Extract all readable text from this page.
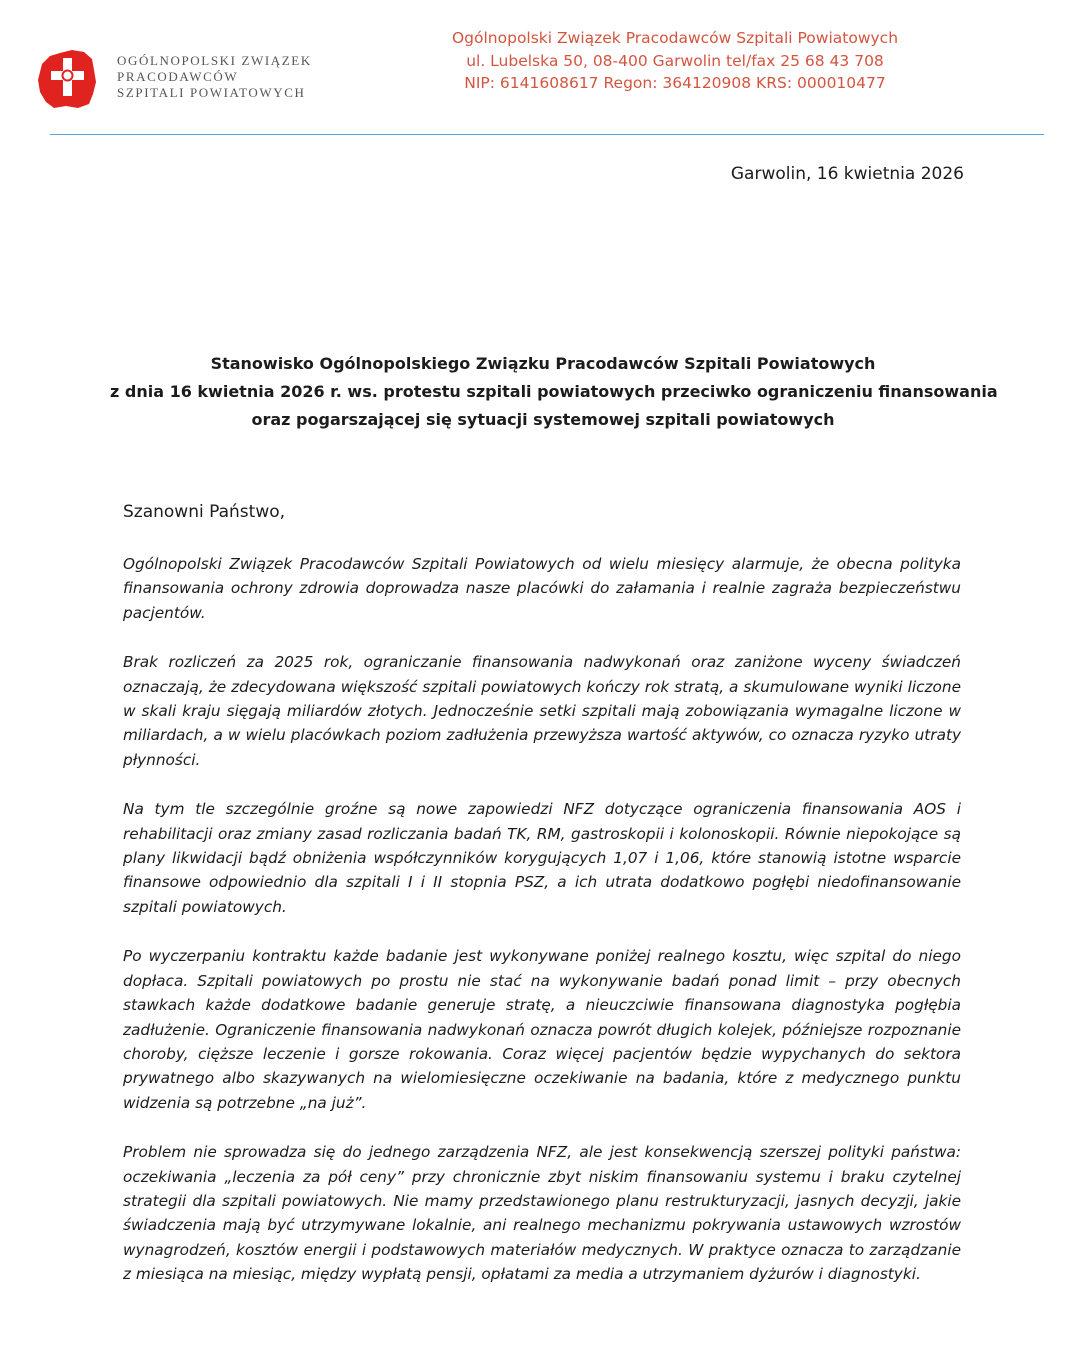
OGÓLNOPOLSKI ZWIĄZEK
PRACODAWCÓW
SZPITALI POWIATOWYCH
Ogólnopolski Związek Pracodawców Szpitali Powiatowych
ul. Lubelska 50, 08-400 Garwolin tel/fax 25 68 43 708
NIP: 6141608617 Regon: 364120908 KRS: 000010477
Garwolin, 16 kwietnia 2026
Stanowisko Ogólnopolskiego Związku Pracodawców Szpitali Powiatowych
z dnia 16 kwietnia 2026 r. ws. protestu szpitali powiatowych przeciwko ograniczeniu finansowania
oraz pogarszającej się sytuacji systemowej szpitali powiatowych
Szanowni Państwo,

Ogólnopolski Związek Pracodawców Szpitali Powiatowych od wielu miesięcy alarmuje, że obecna polityka finansowania ochrony zdrowia doprowadza nasze placówki do załamania i realnie zagraża bezpieczeństwu pacjentów.

Brak rozliczeń za 2025 rok, ograniczanie finansowania nadwykonań oraz zaniżone wyceny świadczeń oznaczają, że zdecydowana większość szpitali powiatowych kończy rok stratą, a skumulowane wyniki liczone w skali kraju sięgają miliardów złotych. Jednocześnie setki szpitali mają zobowiązania wymagalne liczone w miliardach, a w wielu placówkach poziom zadłużenia przewyższa wartość aktywów, co oznacza ryzyko utraty płynności.

Na tym tle szczególnie groźne są nowe zapowiedzi NFZ dotyczące ograniczenia finansowania AOS i rehabilitacji oraz zmiany zasad rozliczania badań TK, RM, gastroskopii i kolonoskopii. Równie niepokojące są plany likwidacji bądź obniżenia współczynników korygujących 1,07 i 1,06, które stanowią istotne wsparcie finansowe odpowiednio dla szpitali I i II stopnia PSZ, a ich utrata dodatkowo pogłębi niedofinansowanie szpitali powiatowych.

Po wyczerpaniu kontraktu każde badanie jest wykonywane poniżej realnego kosztu, więc szpital do niego dopłaca. Szpitali powiatowych po prostu nie stać na wykonywanie badań ponad limit – przy obecnych stawkach każde dodatkowe badanie generuje stratę, a nieuczciwie finansowana diagnostyka pogłębia zadłużenie. Ograniczenie finansowania nadwykonań oznacza powrót długich kolejek, późniejsze rozpoznanie choroby, cięższe leczenie i gorsze rokowania. Coraz więcej pacjentów będzie wypychanych do sektora prywatnego albo skazywanych na wielomiesięczne oczekiwanie na badania, które z medycznego punktu widzenia są potrzebne „na już”.

Problem nie sprowadza się do jednego zarządzenia NFZ, ale jest konsekwencją szerszej polityki państwa: oczekiwania „leczenia za pół ceny” przy chronicznie zbyt niskim finansowaniu systemu i braku czytelnej strategii dla szpitali powiatowych. Nie mamy przedstawionego planu restrukturyzacji, jasnych decyzji, jakie świadczenia mają być utrzymywane lokalnie, ani realnego mechanizmu pokrywania ustawowych wzrostów wynagrodzeń, kosztów energii i podstawowych materiałów medycznych. W praktyce oznacza to zarządzanie z miesiąca na miesiąc, między wypłatą pensji, opłatami za media a utrzymaniem dyżurów i diagnostyki.
